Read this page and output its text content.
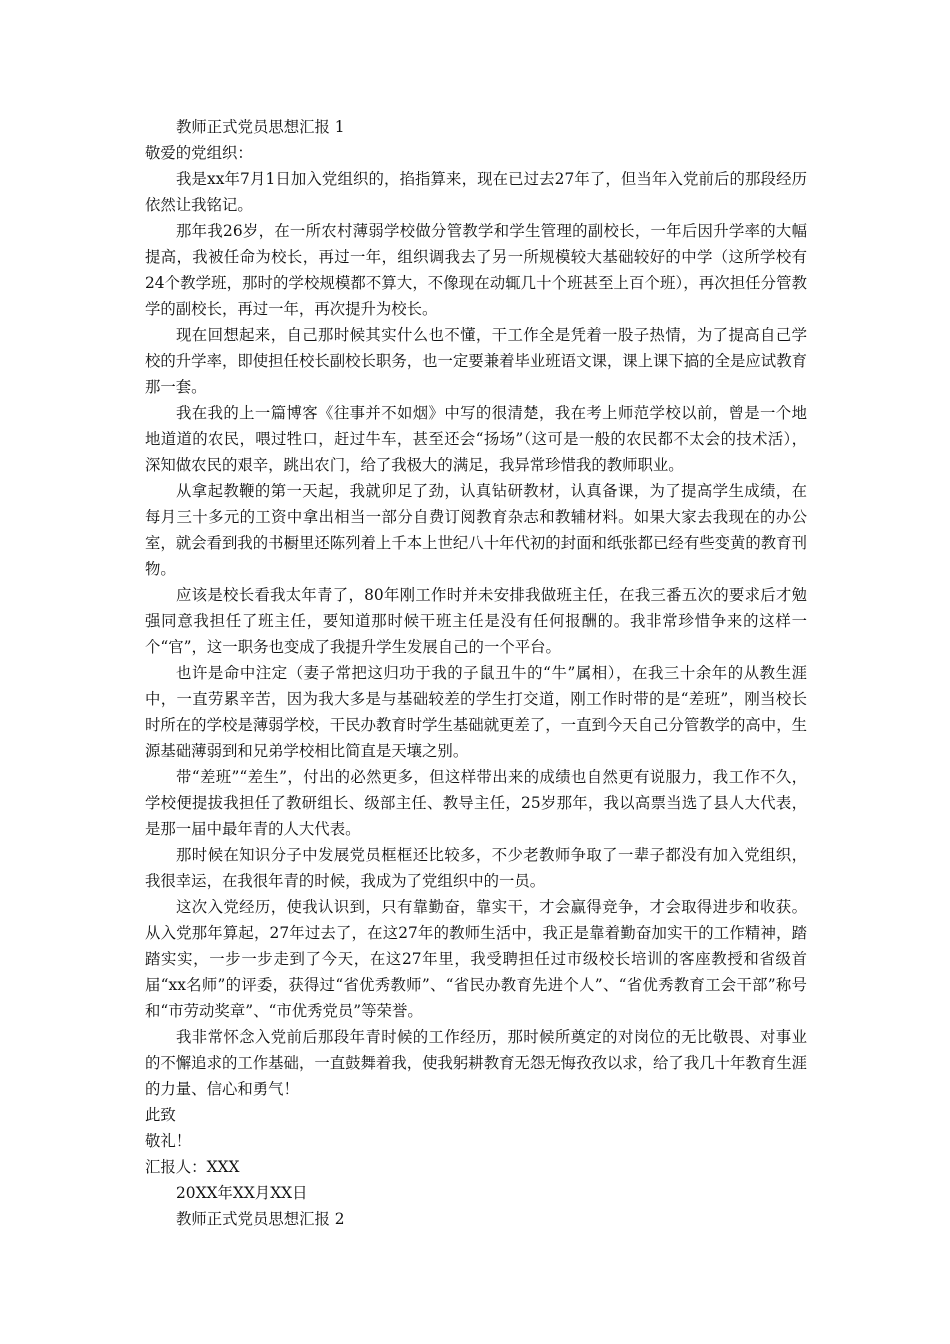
教师正式党员思想汇报 1

敬爱的党组织：

我是xx年7月1日加入党组织的，掐指算来，现在已过去27年了，但当年入党前后的那段经历依然让我铭记。

那年我26岁，在一所农村薄弱学校做分管教学和学生管理的副校长，一年后因升学率的大幅提高，我被任命为校长，再过一年，组织调我去了另一所规模较大基础较好的中学（这所学校有24个教学班，那时的学校规模都不算大，不像现在动辄几十个班甚至上百个班），再次担任分管教学的副校长，再过一年，再次提升为校长。

现在回想起来，自己那时候其实什么也不懂，干工作全是凭着一股子热情，为了提高自己学校的升学率，即使担任校长副校长职务，也一定要兼着毕业班语文课，课上课下搞的全是应试教育那一套。

我在我的上一篇博客《往事并不如烟》中写的很清楚，我在考上师范学校以前，曾是一个地地道道的农民，喂过牲口，赶过牛车，甚至还会“扬场”（这可是一般的农民都不太会的技术活），深知做农民的艰辛，跳出农门，给了我极大的满足，我异常珍惜我的教师职业。

从拿起教鞭的第一天起，我就卯足了劲，认真钻研教材，认真备课，为了提高学生成绩，在每月三十多元的工资中拿出相当一部分自费订阅教育杂志和教辅材料。如果大家去我现在的办公室，就会看到我的书橱里还陈列着上千本上世纪八十年代初的封面和纸张都已经有些变黄的教育刊物。

应该是校长看我太年青了，80年刚工作时并未安排我做班主任，在我三番五次的要求后才勉强同意我担任了班主任，要知道那时候干班主任是没有任何报酬的。我非常珍惜争来的这样一个“官”，这一职务也变成了我提升学生发展自己的一个平台。

也许是命中注定（妻子常把这归功于我的子鼠丑牛的“牛”属相），在我三十余年的从教生涯中，一直劳累辛苦，因为我大多是与基础较差的学生打交道，刚工作时带的是“差班”，刚当校长时所在的学校是薄弱学校，干民办教育时学生基础就更差了，一直到今天自己分管教学的高中，生源基础薄弱到和兄弟学校相比简直是天壤之别。

带“差班”“差生”，付出的必然更多，但这样带出来的成绩也自然更有说服力，我工作不久，学校便提拔我担任了教研组长、级部主任、教导主任，25岁那年，我以高票当选了县人大代表，是那一届中最年青的人大代表。

那时候在知识分子中发展党员框框还比较多，不少老教师争取了一辈子都没有加入党组织，我很幸运，在我很年青的时候，我成为了党组织中的一员。

这次入党经历，使我认识到，只有靠勤奋，靠实干，才会赢得竞争，才会取得进步和收获。从入党那年算起，27年过去了，在这27年的教师生活中，我正是靠着勤奋加实干的工作精神，踏踏实实，一步一步走到了今天，在这27年里，我受聘担任过市级校长培训的客座教授和省级首届“xx名师”的评委，获得过“省优秀教师”、“省民办教育先进个人”、“省优秀教育工会干部”称号和“市劳动奖章”、“市优秀党员”等荣誉。

我非常怀念入党前后那段年青时候的工作经历，那时候所奠定的对岗位的无比敬畏、对事业的不懈追求的工作基础，一直鼓舞着我，使我躬耕教育无怨无悔孜孜以求，给了我几十年教育生涯的力量、信心和勇气！

此致

敬礼！

汇报人：XXX

20XX年XX月XX日

教师正式党员思想汇报 2
